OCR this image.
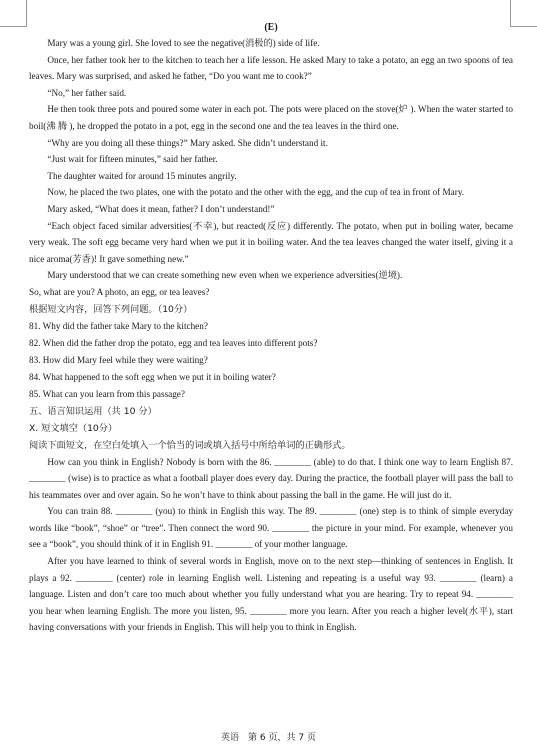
(E)

Mary was a young girl. She loved to see the negative(消极的) side of life.

Once, her father took her to the kitchen to teach her a life lesson. He asked Mary to take a potato, an egg an two spoons of tea leaves. Mary was surprised, and asked he father, “Do you want me to cook?”

“No,” her father said.

He then took three pots and poured some water in each pot. The pots were placed on the stove(炉 ). When the water started to boil(沸 腾 ), he dropped the potato in a pot, egg in the second one and the tea leaves in the third one.

“Why are you doing all these things?” Mary asked. She didn’t understand it.

“Just wait for fifteen minutes,” said her father.

The daughter waited for around 15 minutes angrily.

Now, he placed the two plates, one with the potato and the other with the egg, and the cup of tea in front of Mary.

Mary asked, “What does it mean, father? I don’t understand!”

“Each object faced similar adversities(不幸), but reacted(反应) differently. The potato, when put in boiling water, became very weak. The soft egg became very hard when we put it in boiling water. And the tea leaves changed the water itself, giving it a nice aroma(芳香)! It gave something new.”

Mary understood that we can create something new even when we experience adversities(逆境).

So, what are you? A photo, an egg, or tea leaves?

根据短文内容，回答下列问题。（10分）
81. Why did the father take Mary to the kitchen?
82. When did the father drop the potato, egg and tea leaves into different pots?
83. How did Mary feel while they were waiting?
84. What happened to the soft egg when we put it in boiling water?
85. What can you learn from this passage?
五、语言知识运用（共 10 分）
X. 短文填空（10分）
阅读下面短文，在空白处填入一个恰当的词或填入括号中所给单词的正确形式。

How can you think in English? Nobody is born with the 86. ________ (able) to do that. I think one way to learn English 87. ________ (wise) is to practice as what a football player does every day. During the practice, the football player will pass the ball to his teammates over and over again. So he won’t have to think about passing the ball in the game. He will just do it.

You can train 88. ________ (you) to think in English this way. The 89. ________ (one) step is to think of simple everyday words like “book”, “shoe” or “tree”. Then connect the word 90. ________ the picture in your mind. For example, whenever you see a “book”, you should think of it in English 91. ________ of your mother language.

After you have learned to think of several words in English, move on to the next step—thinking of sentences in English. It plays a 92. ________ (center) role in learning English well. Listening and repeating is a useful way 93. ________ (learn) a language. Listen and don’t care too much about whether you fully understand what you are hearing. Try to repeat 94. ________ you hear when learning English. The more you listen, 95. ________ more you learn. After you reach a higher level(水平), start having conversations with your friends in English. This will help you to think in English.

英语　第 6 页，共 7 页
